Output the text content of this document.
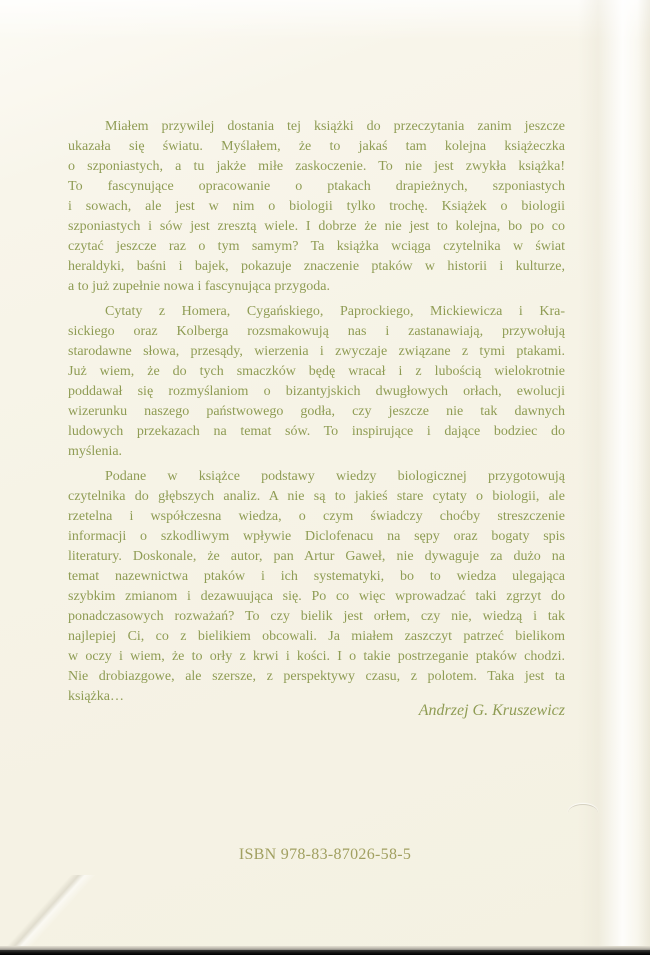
Miałem przywilej dostania tej książki do przeczytania zanim jeszcze
ukazała się światu. Myślałem, że to jakaś tam kolejna książeczka
o szponiastych, a tu jakże miłe zaskoczenie. To nie jest zwykła książka!
To fascynujące opracowanie o ptakach drapieżnych, szponiastych
i sowach, ale jest w nim o biologii tylko trochę. Książek o biologii
szponiastych i sów jest zresztą wiele. I dobrze że nie jest to kolejna, bo po co
czytać jeszcze raz o tym samym? Ta książka wciąga czytelnika w świat
heraldyki, baśni i bajek, pokazuje znaczenie ptaków w historii i kulturze,
a to już zupełnie nowa i fascynująca przygoda.
Cytaty z Homera, Cygańskiego, Paprockiego, Mickiewicza i Kra-
sickiego oraz Kolberga rozsmakowują nas i zastanawiają, przywołują
starodawne słowa, przesądy, wierzenia i zwyczaje związane z tymi ptakami.
Już wiem, że do tych smaczków będę wracał i z lubością wielokrotnie
poddawał się rozmyślaniom o bizantyjskich dwugłowych orłach, ewolucji
wizerunku naszego państwowego godła, czy jeszcze nie tak dawnych
ludowych przekazach na temat sów. To inspirujące i dające bodziec do
myślenia.
Podane w książce podstawy wiedzy biologicznej przygotowują
czytelnika do głębszych analiz. A nie są to jakieś stare cytaty o biologii, ale
rzetelna i współczesna wiedza, o czym świadczy choćby streszczenie
informacji o szkodliwym wpływie Diclofenacu na sępy oraz bogaty spis
literatury. Doskonale, że autor, pan Artur Gaweł, nie dywaguje za dużo na
temat nazewnictwa ptaków i ich systematyki, bo to wiedza ulegająca
szybkim zmianom i dezawuująca się. Po co więc wprowadzać taki zgrzyt do
ponadczasowych rozważań? To czy bielik jest orłem, czy nie, wiedzą i tak
najlepiej Ci, co z bielikiem obcowali. Ja miałem zaszczyt patrzeć bielikom
w oczy i wiem, że to orły z krwi i kości. I o takie postrzeganie ptaków chodzi.
Nie drobiazgowe, ale szersze, z perspektywy czasu, z polotem. Taka jest ta
książka…
Andrzej G. Kruszewicz
ISBN 978-83-87026-58-5
